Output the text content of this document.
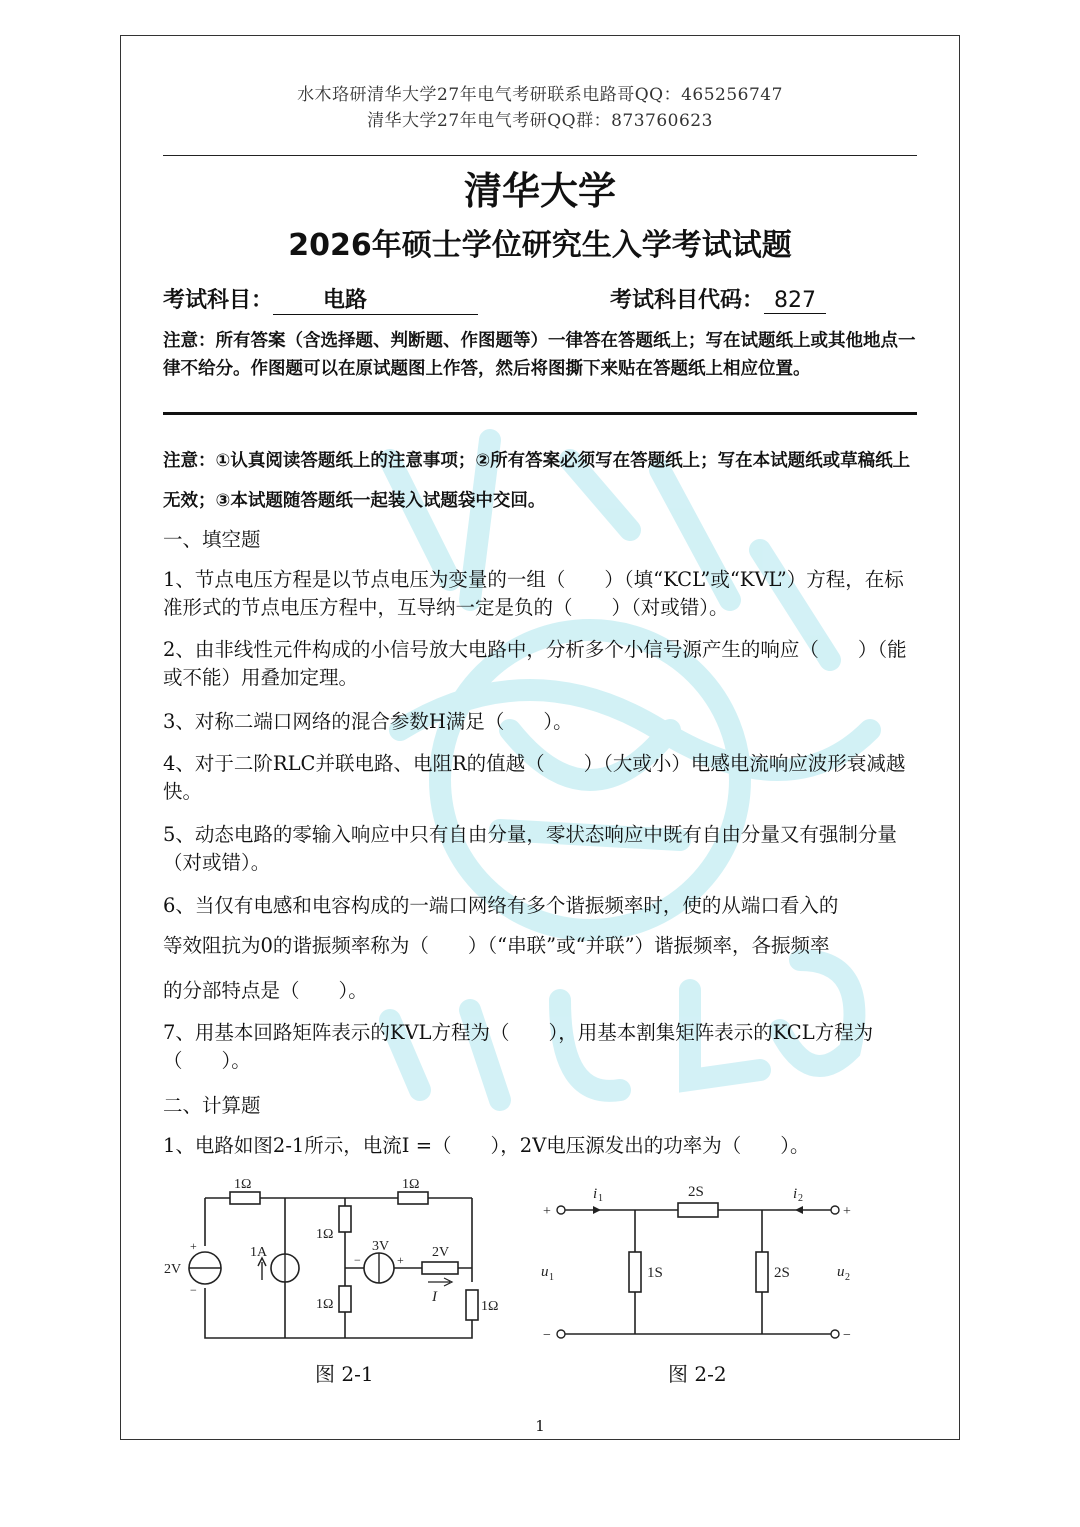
水木珞研清华大学27年电气考研联系电路哥QQ：465256747
清华大学27年电气考研QQ群：873760623
清华大学
2026年硕士学位研究生入学考试试题
考试科目： 电路	考试科目代码： 827
注意：所有答案（含选择题、判断题、作图题等）一律答在答题纸上；写在试题纸上或其他地点一律不给分。作图题可以在原试题图上作答，然后将图撕下来贴在答题纸上相应位置。
注意：①认真阅读答题纸上的注意事项；②所有答案必须写在答题纸上；写在本试题纸或草稿纸上无效；③本试题随答题纸一起装入试题袋中交回。
一、填空题
1、节点电压方程是以节点电压为变量的一组（　　）（填“KCL”或“KVL”）方程，在标准形式的节点电压方程中，互导纳一定是负的（　　）（对或错）。
2、由非线性元件构成的小信号放大电路中，分析多个小信号源产生的响应（　　）（能或不能）用叠加定理。
3、对称二端口网络的混合参数H满足（　　）。
4、对于二阶RLC并联电路、电阻R的值越（　　）（大或小）电感电流响应波形衰减越快。
5、动态电路的零输入响应中只有自由分量，零状态响应中既有自由分量又有强制分量（对或错）。
6、当仅有电感和电容构成的一端口网络有多个谐振频率时，使的从端口看入的
等效阻抗为0的谐振频率称为（　　）（“串联”或“并联”）谐振频率，各振频率
的分部特点是（　　）。
7、用基本回路矩阵表示的KVL方程为（　　），用基本割集矩阵表示的KCL方程为（　　）。
二、计算题
1、电路如图2-1所示，电流I =（　　），2V电压源发出的功率为（　　）。
1Ω	1Ω
2V
+
−
1A
1Ω
1Ω
3V
−	+ 2V
I
1Ω
图 2-1
i 1	i 2
2S
1S	2S
u 1	u 2
+
−
+
−
图 2-2
1
